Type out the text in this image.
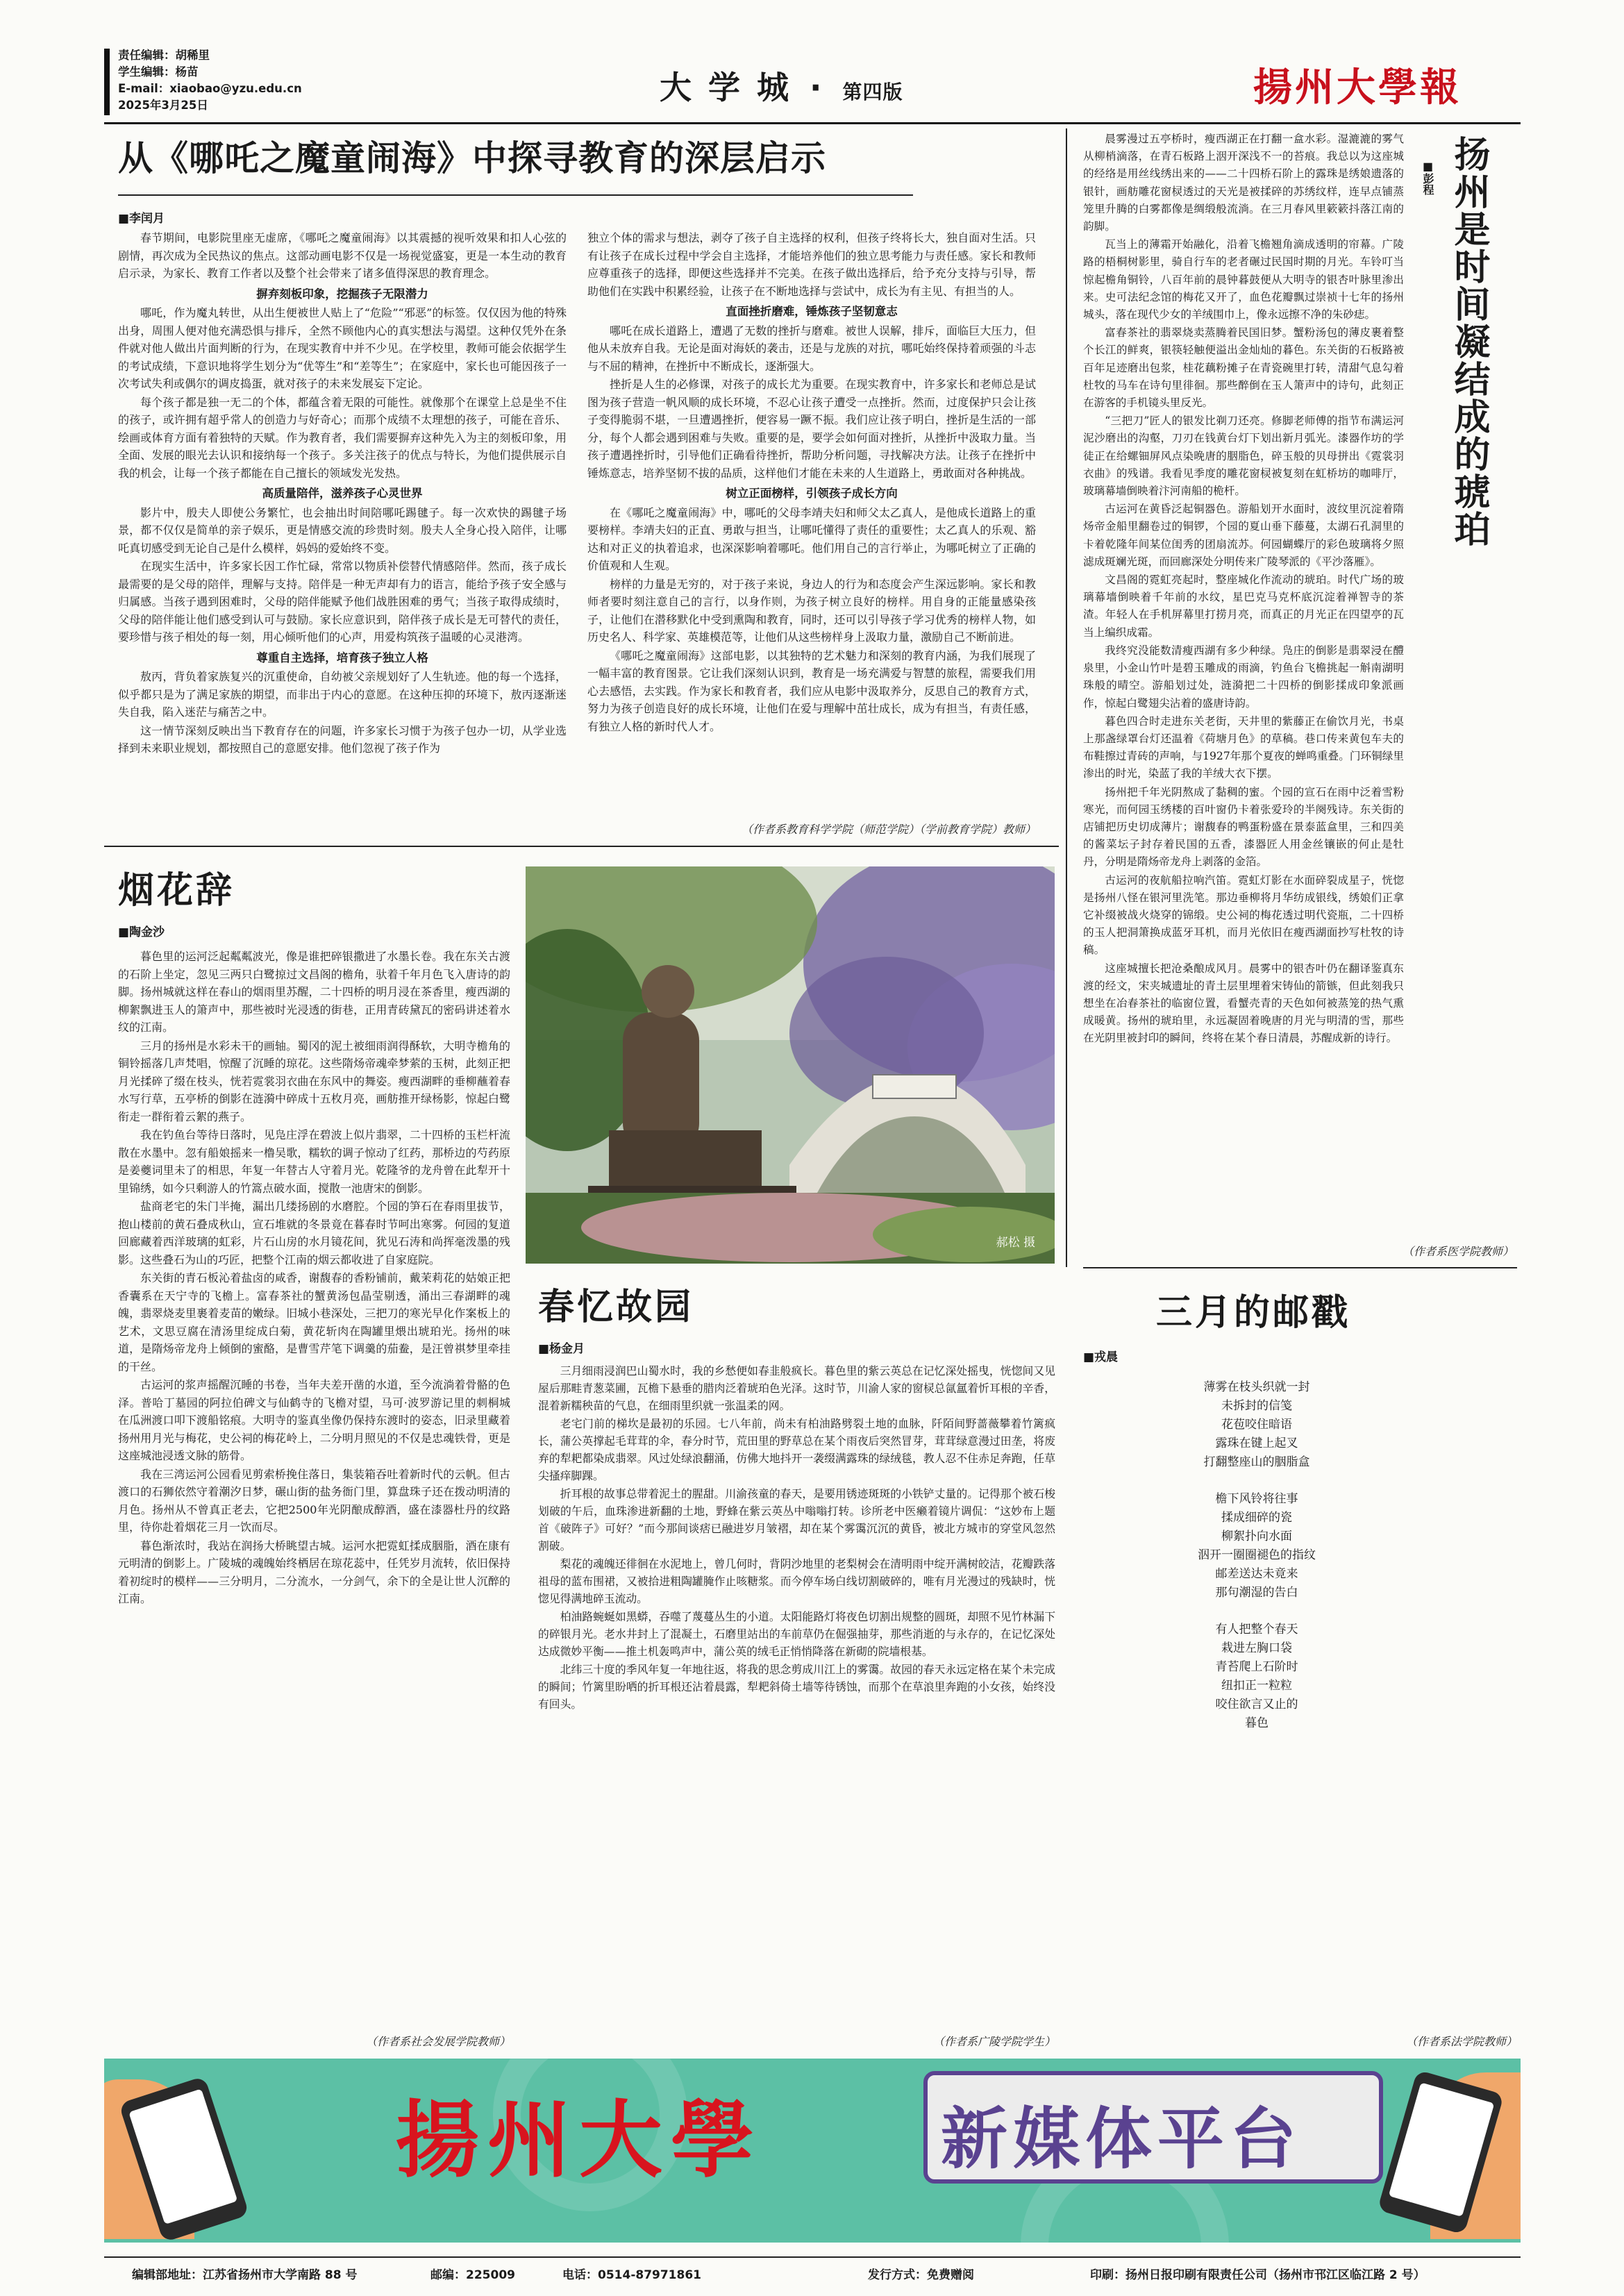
责任编辑：胡稀里
学生编辑：杨苗
E-mail：xiaobao@yzu.edu.cn
2025年3月25日	大 学 城 · 第四版	揚州大學報
从《哪吒之魔童闹海》中探寻教育的深层启示
■李闰月

春节期间，电影院里座无虚席，《哪吒之魔童闹海》以其震撼的视听效果和扣人心弦的剧情，再次成为全民热议的焦点。这部动画电影不仅是一场视觉盛宴，更是一本生动的教育启示录，为家长、教育工作者以及整个社会带来了诸多值得深思的教育理念。

摒弃刻板印象，挖掘孩子无限潜力

哪吒，作为魔丸转世，从出生便被世人贴上了“危险”“邪恶”的标签。仅仅因为他的特殊出身，周围人便对他充满恐惧与排斥，全然不顾他内心的真实想法与渴望。这种仅凭外在条件就对他人做出片面判断的行为，在现实教育中并不少见。在学校里，教师可能会依据学生的考试成绩，下意识地将学生划分为“优等生”和“差等生”；在家庭中，家长也可能因孩子一次考试失利或偶尔的调皮捣蛋，就对孩子的未来发展妄下定论。

每个孩子都是独一无二的个体，都蕴含着无限的可能性。就像那个在课堂上总是坐不住的孩子，或许拥有超乎常人的创造力与好奇心；而那个成绩不太理想的孩子，可能在音乐、绘画或体育方面有着独特的天赋。作为教育者，我们需要摒弃这种先入为主的刻板印象，用全面、发展的眼光去认识和接纳每一个孩子。多关注孩子的优点与特长，为他们提供展示自我的机会，让每一个孩子都能在自己擅长的领域发光发热。

高质量陪伴，滋养孩子心灵世界

影片中，殷夫人即使公务繁忙，也会抽出时间陪哪吒踢毽子。每一次欢快的踢毽子场景，都不仅仅是简单的亲子娱乐，更是情感交流的珍贵时刻。殷夫人全身心投入陪伴，让哪吒真切感受到无论自己是什么模样，妈妈的爱始终不变。

在现实生活中，许多家长因工作忙碌，常常以物质补偿替代情感陪伴。然而，孩子成长最需要的是父母的陪伴，理解与支持。陪伴是一种无声却有力的语言，能给予孩子安全感与归属感。当孩子遇到困难时，父母的陪伴能赋予他们战胜困难的勇气；当孩子取得成绩时，父母的陪伴能让他们感受到认可与鼓励。家长应意识到，陪伴孩子成长是无可替代的责任，要珍惜与孩子相处的每一刻，用心倾听他们的心声，用爱构筑孩子温暖的心灵港湾。

尊重自主选择，培育孩子独立人格

敖丙，背负着家族复兴的沉重使命，自幼被父亲规划好了人生轨迹。他的每一个选择，似乎都只是为了满足家族的期望，而非出于内心的意愿。在这种压抑的环境下，敖丙逐渐迷失自我，陷入迷茫与痛苦之中。

这一情节深刻反映出当下教育存在的问题，许多家长习惯于为孩子包办一切，从学业选择到未来职业规划，都按照自己的意愿安排。他们忽视了孩子作为

独立个体的需求与想法，剥夺了孩子自主选择的权利，但孩子终将长大，独自面对生活。只有让孩子在成长过程中学会自主选择，才能培养他们的独立思考能力与责任感。家长和教师应尊重孩子的选择，即便这些选择并不完美。在孩子做出选择后，给予充分支持与引导，帮助他们在实践中积累经验，让孩子在不断地选择与尝试中，成长为有主见、有担当的人。

直面挫折磨难，锤炼孩子坚韧意志

哪吒在成长道路上，遭遇了无数的挫折与磨难。被世人误解，排斥，面临巨大压力，但他从未放弃自我。无论是面对海妖的袭击，还是与龙族的对抗，哪吒始终保持着顽强的斗志与不屈的精神，在挫折中不断成长，逐渐强大。

挫折是人生的必修课，对孩子的成长尤为重要。在现实教育中，许多家长和老师总是试图为孩子营造一帆风顺的成长环境，不忍心让孩子遭受一点挫折。然而，过度保护只会让孩子变得脆弱不堪，一旦遭遇挫折，便容易一蹶不振。我们应让孩子明白，挫折是生活的一部分，每个人都会遇到困难与失败。重要的是，要学会如何面对挫折，从挫折中汲取力量。当孩子遭遇挫折时，引导他们正确看待挫折，帮助分析问题，寻找解决方法。让孩子在挫折中锤炼意志，培养坚韧不拔的品质，这样他们才能在未来的人生道路上，勇敢面对各种挑战。

树立正面榜样，引领孩子成长方向

在《哪吒之魔童闹海》中，哪吒的父母李靖夫妇和师父太乙真人，是他成长道路上的重要榜样。李靖夫妇的正直、勇敢与担当，让哪吒懂得了责任的重要性；太乙真人的乐观、豁达和对正义的执着追求，也深深影响着哪吒。他们用自己的言行举止，为哪吒树立了正确的价值观和人生观。

榜样的力量是无穷的，对于孩子来说，身边人的行为和态度会产生深远影响。家长和教师者要时刻注意自己的言行，以身作则，为孩子树立良好的榜样。用自身的正能量感染孩子，让他们在潜移默化中受到熏陶和教育，同时，还可以引导孩子学习优秀的榜样人物，如历史名人、科学家、英雄模范等，让他们从这些榜样身上汲取力量，激励自己不断前进。

《哪吒之魔童闹海》这部电影，以其独特的艺术魅力和深刻的教育内涵，为我们展现了一幅丰富的教育图景。它让我们深刻认识到，教育是一场充满爱与智慧的旅程，需要我们用心去感悟，去实践。作为家长和教育者，我们应从电影中汲取养分，反思自己的教育方式，努力为孩子创造良好的成长环境，让他们在爱与理解中茁壮成长，成为有担当，有责任感，有独立人格的新时代人才。

（作者系教育科学学院（师范学院）（学前教育学院）教师）
■彭程 扬州是时间凝结成的琥珀

晨雾漫过五亭桥时，瘦西湖正在打翻一盒水彩。湿漉漉的雾气从柳梢滴落，在青石板路上洇开深浅不一的苔痕。我总以为这座城的经络是用丝线绣出来的——二十四桥石阶上的露珠是绣娘遗落的银针，画舫雕花窗棂透过的天光是被揉碎的苏绣纹样，连早点铺蒸笼里升腾的白雾都像是绸缎般流淌。在三月春风里簌簌抖落江南的韵脚。

瓦当上的薄霜开始融化，沿着飞檐翘角滴成透明的帘幕。广陵路的梧桐树影里，骑自行车的老者碾过民国时期的月光。车铃叮当惊起檐角铜铃，八百年前的晨钟暮鼓便从大明寺的银杏叶脉里渗出来。史可法纪念馆的梅花又开了，血色花瓣飘过崇祯十七年的扬州城头，落在现代少女的羊绒围巾上，像永远擦不净的朱砂痣。

富春茶社的翡翠烧卖蒸腾着民国旧梦。蟹粉汤包的薄皮裹着整个长江的鲜爽，银筷轻触便溢出金灿灿的暮色。东关街的石板路被百年足迹磨出包浆，桂花藕粉摊子在青瓷碗里打转，清甜气息勾着杜牧的马车在诗句里徘徊。那些醉倒在玉人箫声中的诗句，此刻正在游客的手机镜头里反光。

“三把刀”匠人的银发比剃刀还亮。修脚老师傅的指节布满运河泥沙磨出的沟壑，刀刃在钱黄台灯下划出新月弧光。漆器作坊的学徒正在给螺钿屏风点染晚唐的胭脂色，碎玉般的贝母拼出《霓裳羽衣曲》的残谱。我看见季度的雕花窗棂被复刻在虹桥坊的咖啡厅，玻璃幕墙倒映着汴河南船的桅杆。

古运河在黄昏泛起铜器色。游船划开水面时，波纹里沉淀着隋炀帝金船里翻卷过的铜锣，个园的夏山垂下藤蔓，太湖石孔洞里的卡着乾隆年间某位闺秀的团扇流苏。何园蝴蝶厅的彩色玻璃将夕照滤成斑斓光斑，而回廊深处分明传来广陵琴派的《平沙落雁》。

文昌阁的霓虹亮起时，整座城化作流动的琥珀。时代广场的玻璃幕墙倒映着千年前的水纹，星巴克马克杯底沉淀着禅智寺的茶渣。年轻人在手机屏幕里打捞月亮，而真正的月光正在四望亭的瓦当上编织成霜。

我终究没能数清瘦西湖有多少种绿。凫庄的倒影是翡翠浸在醴泉里，小金山竹叶是碧玉雕成的雨滴，钓鱼台飞檐挑起一斛南湖明珠般的晴空。游船划过处，涟漪把二十四桥的倒影揉成印象派画作，惊起白鹭翅尖沾着的盛唐诗韵。

暮色四合时走进东关老街，天井里的紫藤正在偷饮月光，书桌上那盏绿罩台灯还温着《荷塘月色》的草稿。巷口传来黄包车夫的布鞋擦过青砖的声响，与1927年那个夏夜的蝉鸣重叠。门环铜绿里渗出的时光，染蓝了我的羊绒大衣下摆。

扬州把千年光阴熬成了黏稠的蜜。个园的宣石在雨中泛着雪粉寒光，而何园玉绣楼的百叶窗仍卡着张爱玲的半阕残诗。东关街的店铺把历史切成薄片；谢馥春的鸭蛋粉盛在景泰蓝盒里，三和四美的酱菜坛子封存着民国的五香，漆器匠人用金丝镶嵌的何止是牡丹，分明是隋炀帝龙舟上剥落的金箔。

古运河的夜航船拉响汽笛。霓虹灯影在水面碎裂成星子，恍惚是扬州八怪在银河里洗笔。那边垂柳将月华纺成银线，绣娘们正拿它补缀被战火烧穿的锦缎。史公祠的梅花透过明代瓷瓶，二十四桥的玉人把洞箫换成蓝牙耳机，而月光依旧在瘦西湖面抄写杜牧的诗稿。

这座城擅长把沧桑酿成风月。晨雾中的银杏叶仍在翻译鉴真东渡的经文，宋夹城遗址的青土层里埋着宋铸仙的箭镞，但此刻我只想坐在冶春茶社的临窗位置，看蟹壳青的天色如何被蒸笼的热气熏成暖黄。扬州的琥珀里，永远凝固着晚唐的月光与明清的雪，那些在光阴里被封印的瞬间，终将在某个春日清晨，苏醒成新的诗行。

（作者系医学院教师）
烟花辞
■陶金沙

暮色里的运河泛起粼粼波光，像是谁把碎银撒进了水墨长卷。我在东关古渡的石阶上坐定，忽见三两只白鹭掠过文昌阁的檐角，驮着千年月色飞入唐诗的韵脚。扬州城就这样在春山的烟雨里苏醒，二十四桥的明月浸在茶香里，瘦西湖的柳絮飘进玉人的箫声中，那些被时光浸透的街巷，正用青砖黛瓦的密码讲述着水纹的江南。

三月的扬州是水彩未干的画轴。蜀冈的泥土被细雨润得酥软，大明寺檐角的铜铃摇落几声梵唱，惊醒了沉睡的琼花。这些隋炀帝魂牵梦萦的玉树，此刻正把月光揉碎了缀在枝头，恍若霓裳羽衣曲在东风中的舞姿。瘦西湖畔的垂柳蘸着春水写行草，五亭桥的倒影在涟漪中碎成十五枚月亮，画舫推开绿杨影，惊起白鹭衔走一群衔着云絮的燕子。

我在钓鱼台等待日落时，见凫庄浮在碧波上似片翡翠，二十四桥的玉栏杆流散在水墨中。忽有船娘摇来一橹吴歌，糯软的调子惊动了红药，那桥边的芍药原是姜夔词里未了的相思，年复一年替古人守着月光。乾隆爷的龙舟曾在此犁开十里锦绣，如今只剩游人的竹篙点破水面，搅散一池唐宋的倒影。

盐商老宅的朱门半掩，漏出几缕扬剧的水磨腔。个园的笋石在春雨里拔节，抱山楼前的黄石叠成秋山，宣石堆就的冬景竟在暮春时节呵出寒雾。何园的复道回廊藏着西洋玻璃的虹彩，片石山房的水月镜花间，犹见石涛和尚挥毫泼墨的残影。这些叠石为山的巧匠，把整个江南的烟云都收进了自家庭院。

东关街的青石板沁着盐卤的咸香，谢馥春的香粉铺前，戴茉莉花的姑娘正把香囊系在天宁寺的飞檐上。富春茶社的蟹黄汤包晶莹剔透，涌出三春湖畔的魂魄，翡翠烧麦里裹着麦苗的嫩绿。旧城小巷深处，三把刀的寒光早化作案板上的艺术，文思豆腐在清汤里绽成白菊，黄花斩肉在陶罐里煨出琥珀光。扬州的味道，是隋炀帝龙舟上倾倒的蜜酪，是曹雪芹笔下调羹的茄鲞，是汪曾祺梦里牵挂的干丝。

古运河的浆声摇醒沉睡的书卷，当年夫差开凿的水道，至今流淌着骨骼的色泽。普哈丁墓园的阿拉伯碑文与仙鹤寺的飞檐对望，马可·波罗游记里的刺桐城在瓜洲渡口叩下渡船铭痕。大明寺的鉴真坐像仍保持东渡时的姿态，旧录里藏着扬州用月光与梅花，史公祠的梅花岭上，二分明月照见的不仅是忠魂铁骨，更是这座城池浸透文脉的筋骨。

我在三湾运河公园看见剪索桥挽住落日，集装箱吞吐着新时代的云帆。但古渡口的石狮依然守着潮汐日梦，碾山街的盐务衙门里，算盘珠子还在拨动明清的月色。扬州从不曾真正老去，它把2500年光阴酿成醇酒，盛在漆器杜丹的纹路里，待你赴着烟花三月一饮而尽。

暮色渐浓时，我站在润扬大桥眺望古城。运河水把霓虹揉成胭脂，酒在康有元明清的倒影上。广陵城的魂魄始终栖居在琼花蕊中，任凭岁月流转，依旧保持着初绽时的模样——三分明月，二分流水，一分剑气，余下的全是让世人沉醉的江南。

（作者系社会发展学院教师）
郝松 摄
春忆故园
■杨金月

三月细雨浸润巴山蜀水时，我的乡愁便如春韭般疯长。暮色里的紫云英总在记忆深处摇曳，恍惚间又见屋后那畦青葱菜圃，瓦檐下悬垂的腊肉泛着琥珀色光泽。这时节，川渝人家的窗棂总氤氲着忻耳根的辛香，混着新糯秧苗的气息，在细雨里织就一张温柔的网。

老宅门前的梯坎是最初的乐园。七八年前，尚未有柏油路劈裂土地的血脉，阡陌间野蔷薇攀着竹篱疯长，蒲公英撑起毛茸茸的伞，春分时节，荒田里的野草总在某个雨夜后突然冒芽，茸茸绿意漫过田垄，将废弃的犁耙都染成翡翠。风过处绿浪翻涌，仿佛大地抖开一袭缀满露珠的绿绒毯，教人忍不住赤足奔跑，任草尖搔痒脚踝。

折耳根的故事总带着泥土的腥甜。川渝孩童的春天，是要用锈迹斑斑的小铁铲丈量的。记得那个被石梭划破的午后，血珠渗进新翻的土地，野蜂在紫云英丛中嗡嗡打转。诊所老中医癞着镜片调侃：“这妙布上题首《破阵子》可好？”而今那间谈痞已融进岁月皱褶，却在某个雾霭沉沉的黄昏，被北方城市的穿堂风忽然割破。

梨花的魂魄还徘徊在水泥地上，曾几何时，背阴沙地里的老梨树会在清明雨中绽开满树皎洁，花瓣跌落祖母的蓝布围裙，又被拾进粗陶罐腌作止咳糖浆。而今停车场白线切割破碎的，唯有月光漫过的残缺时，恍惚见得满地碎玉流动。

柏油路蜿蜒如黑蟒，吞噬了蔑蔓丛生的小道。太阳能路灯将夜色切割出规整的圆斑，却照不见竹林漏下的碎银月光。老水井封上了混凝土，石磨里站出的车前草仍在倔强抽芽，那些消逝的与永存的，在记忆深处达成微妙平衡——推土机轰鸣声中，蒲公英的绒毛正悄悄降落在新砌的院墙根基。

北纬三十度的季风年复一年地往返，将我的思念剪成川江上的雾霭。故园的春天永远定格在某个未完成的瞬间；竹篱里盼哂的折耳根还沾着晨露，犁耙斜倚土墙等待锈蚀，而那个在草浪里奔跑的小女孩，始终没有回头。

（作者系广陵学院学生）
三月的邮戳
■戎晨

薄雾在枝头织就一封

未拆封的信笺

花苞咬住暗语

露珠在键上起叉

打翻整座山的胭脂盒

檐下风铃将往事

揉成细碎的瓷

柳絮扑向水面

泅开一圈圈褪色的指纹

邮差送达未竟来

那句潮湿的告白

有人把整个春天

栽进左胸口袋

青苔爬上石阶时

纽扣正一粒粒

咬住欲言又止的

暮色

（作者系法学院教师）
揚州大學	新媒体平台
编辑部地址：江苏省扬州市大学南路 88 号	邮编：225009	电话：0514-87971861	发行方式：免费赠阅	印刷：扬州日报印刷有限责任公司（扬州市邗江区临江路 2 号）
